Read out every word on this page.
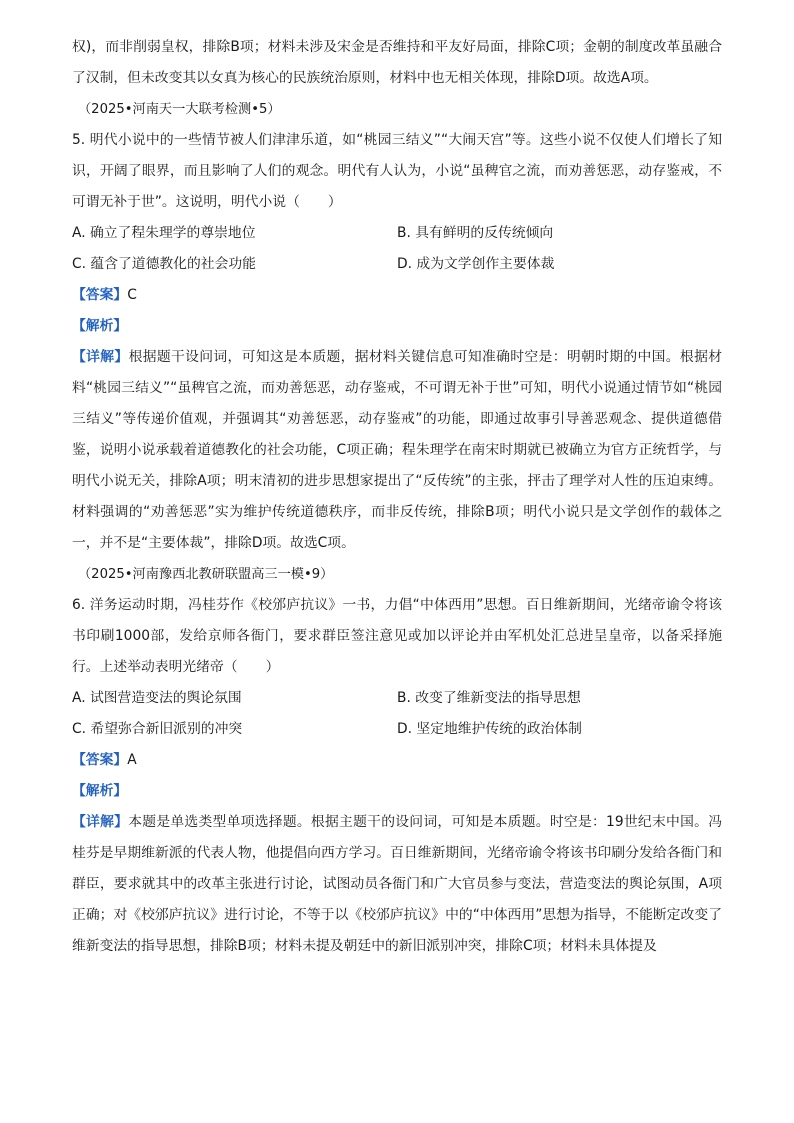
权)，而非削弱皇权，排除B项；材料未涉及宋金是否维持和平友好局面，排除C项；金朝的制度改革虽融合了汉制，但未改变其以女真为核心的民族统治原则，材料中也无相关体现，排除D项。故选A项。

（2025•河南天一大联考检测•5）

5. 明代小说中的一些情节被人们津津乐道，如“桃园三结义”“大闹天宫”等。这些小说不仅使人们增长了知识，开阔了眼界，而且影响了人们的观念。明代有人认为，小说“虽稗官之流，而劝善惩恶，动存鉴戒，不可谓无补于世”。这说明，明代小说（ ）

A. 确立了程朱理学的尊崇地位	B. 具有鲜明的反传统倾向
C. 蕴含了道德教化的社会功能	D. 成为文学创作主要体裁

【答案】C

【解析】

【详解】根据题干设问词，可知这是本质题，据材料关键信息可知准确时空是：明朝时期的中国。根据材料“桃园三结义”“虽稗官之流，而劝善惩恶，动存鉴戒，不可谓无补于世”可知，明代小说通过情节如“桃园三结义”等传递价值观，并强调其“劝善惩恶，动存鉴戒”的功能，即通过故事引导善恶观念、提供道德借鉴，说明小说承载着道德教化的社会功能，C项正确；程朱理学在南宋时期就已被确立为官方正统哲学，与明代小说无关，排除A项；明末清初的进步思想家提出了“反传统”的主张，抨击了理学对人性的压迫束缚。材料强调的“劝善惩恶”实为维护传统道德秩序，而非反传统，排除B项；明代小说只是文学创作的载体之一，并不是“主要体裁”，排除D项。故选C项。

（2025•河南豫西北教研联盟高三一模•9）

6. 洋务运动时期，冯桂芬作《校邠庐抗议》一书，力倡“中体西用”思想。百日维新期间，光绪帝谕令将该书印刷1000部，发给京师各衙门，要求群臣签注意见或加以评论并由军机处汇总进呈皇帝，以备采择施行。上述举动表明光绪帝（ ）

A. 试图营造变法的舆论氛围	B. 改变了维新变法的指导思想
C. 希望弥合新旧派别的冲突	D. 坚定地维护传统的政治体制

【答案】A

【解析】

【详解】本题是单选类型单项选择题。根据主题干的设问词，可知是本质题。时空是：19世纪末中国。冯桂芬是早期维新派的代表人物，他提倡向西方学习。百日维新期间，光绪帝谕令将该书印刷分发给各衙门和群臣，要求就其中的改革主张进行讨论，试图动员各衙门和广大官员参与变法，营造变法的舆论氛围，A项正确；对《校邠庐抗议》进行讨论，不等于以《校邠庐抗议》中的“中体西用”思想为指导，不能断定改变了维新变法的指导思想，排除B项；材料未提及朝廷中的新旧派别冲突，排除C项；材料未具体提及
